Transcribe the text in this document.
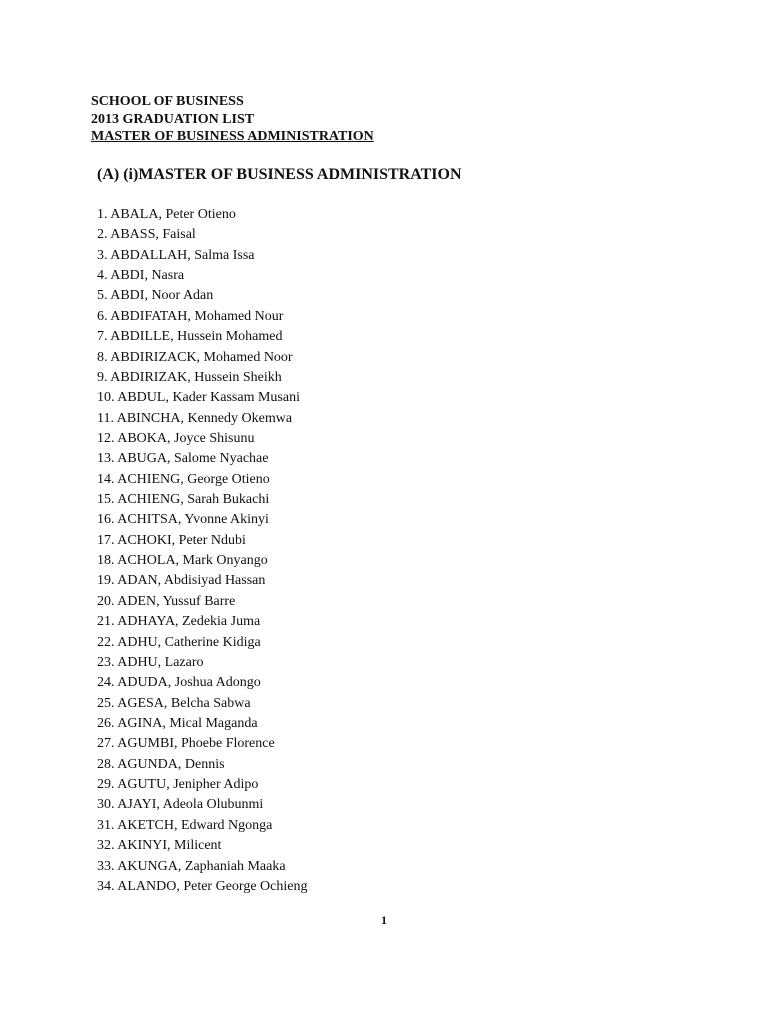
SCHOOL OF BUSINESS
2013 GRADUATION LIST
MASTER OF BUSINESS ADMINISTRATION
(A) (i)MASTER OF BUSINESS ADMINISTRATION
1. ABALA, Peter Otieno
2. ABASS, Faisal
3. ABDALLAH, Salma Issa
4. ABDI, Nasra
5. ABDI, Noor Adan
6. ABDIFATAH, Mohamed Nour
7. ABDILLE, Hussein Mohamed
8. ABDIRIZACK, Mohamed Noor
9. ABDIRIZAK, Hussein Sheikh
10. ABDUL, Kader Kassam Musani
11. ABINCHA, Kennedy Okemwa
12. ABOKA, Joyce Shisunu
13. ABUGA, Salome Nyachae
14. ACHIENG, George Otieno
15. ACHIENG, Sarah Bukachi
16. ACHITSA, Yvonne Akinyi
17. ACHOKI, Peter Ndubi
18. ACHOLA, Mark Onyango
19. ADAN, Abdisiyad Hassan
20. ADEN, Yussuf Barre
21. ADHAYA, Zedekia Juma
22. ADHU, Catherine Kidiga
23. ADHU, Lazaro
24. ADUDA, Joshua Adongo
25. AGESA, Belcha Sabwa
26. AGINA, Mical Maganda
27. AGUMBI, Phoebe Florence
28. AGUNDA, Dennis
29. AGUTU, Jenipher Adipo
30. AJAYI, Adeola Olubunmi
31. AKETCH, Edward Ngonga
32. AKINYI, Milicent
33. AKUNGA, Zaphaniah Maaka
34. ALANDO, Peter George Ochieng
1
